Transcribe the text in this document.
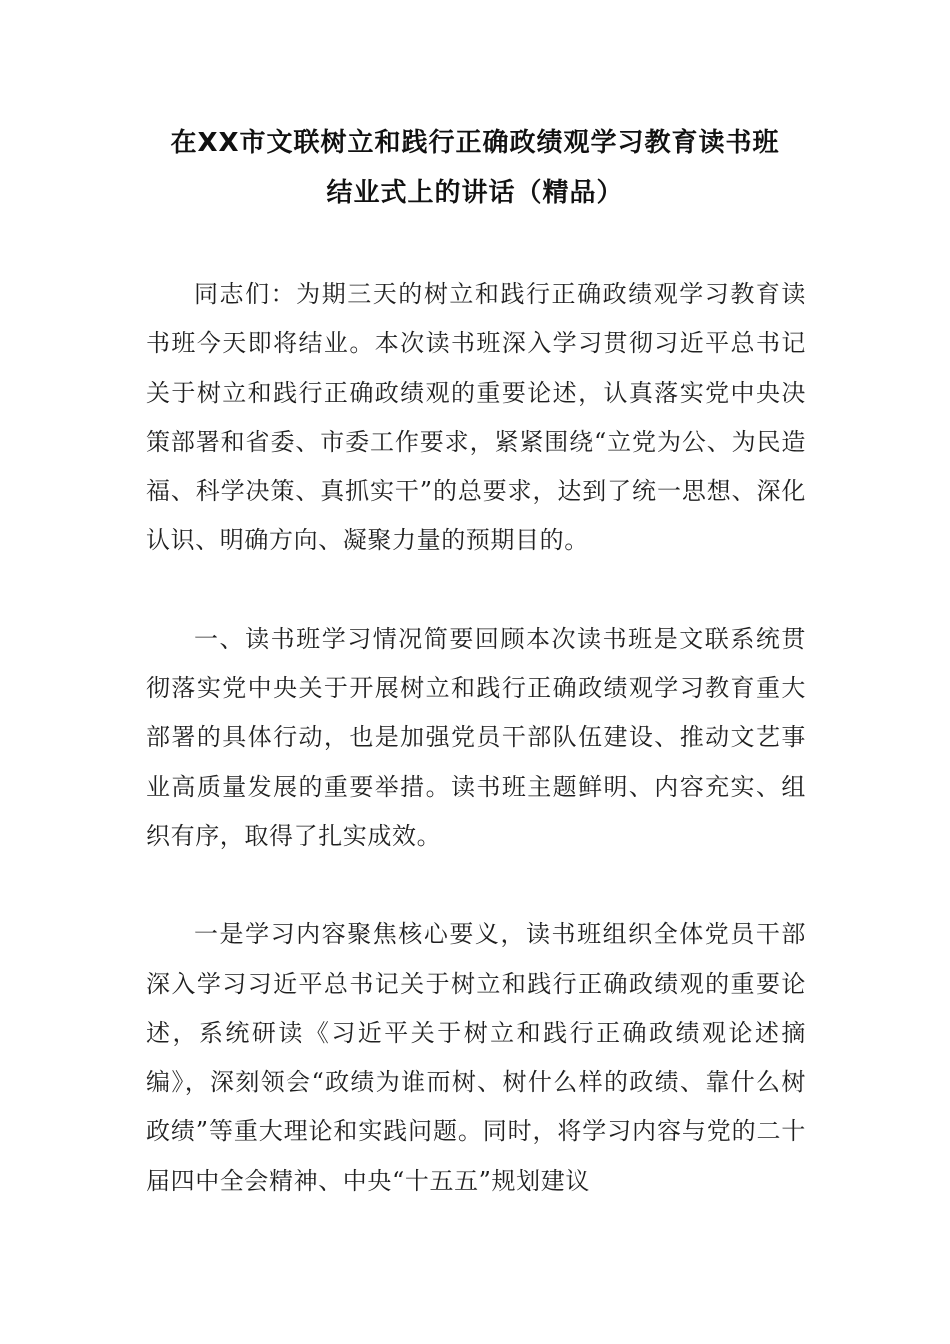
在XX市文联树立和践行正确政绩观学习教育读书班
结业式上的讲话（精品）

同志们：为期三天的树立和践行正确政绩观学习教育读书班今天即将结业。本次读书班深入学习贯彻习近平总书记关于树立和践行正确政绩观的重要论述，认真落实党中央决策部署和省委、市委工作要求，紧紧围绕“立党为公、为民造福、科学决策、真抓实干”的总要求，达到了统一思想、深化认识、明确方向、凝聚力量的预期目的。

一、读书班学习情况简要回顾本次读书班是文联系统贯彻落实党中央关于开展树立和践行正确政绩观学习教育重大部署的具体行动，也是加强党员干部队伍建设、推动文艺事业高质量发展的重要举措。读书班主题鲜明、内容充实、组织有序，取得了扎实成效。

一是学习内容聚焦核心要义，读书班组织全体党员干部深入学习习近平总书记关于树立和践行正确政绩观的重要论述，系统研读《习近平关于树立和践行正确政绩观论述摘编》，深刻领会“政绩为谁而树、树什么样的政绩、靠什么树政绩”等重大理论和实践问题。同时，将学习内容与党的二十届四中全会精神、中央“十五五”规划建议
